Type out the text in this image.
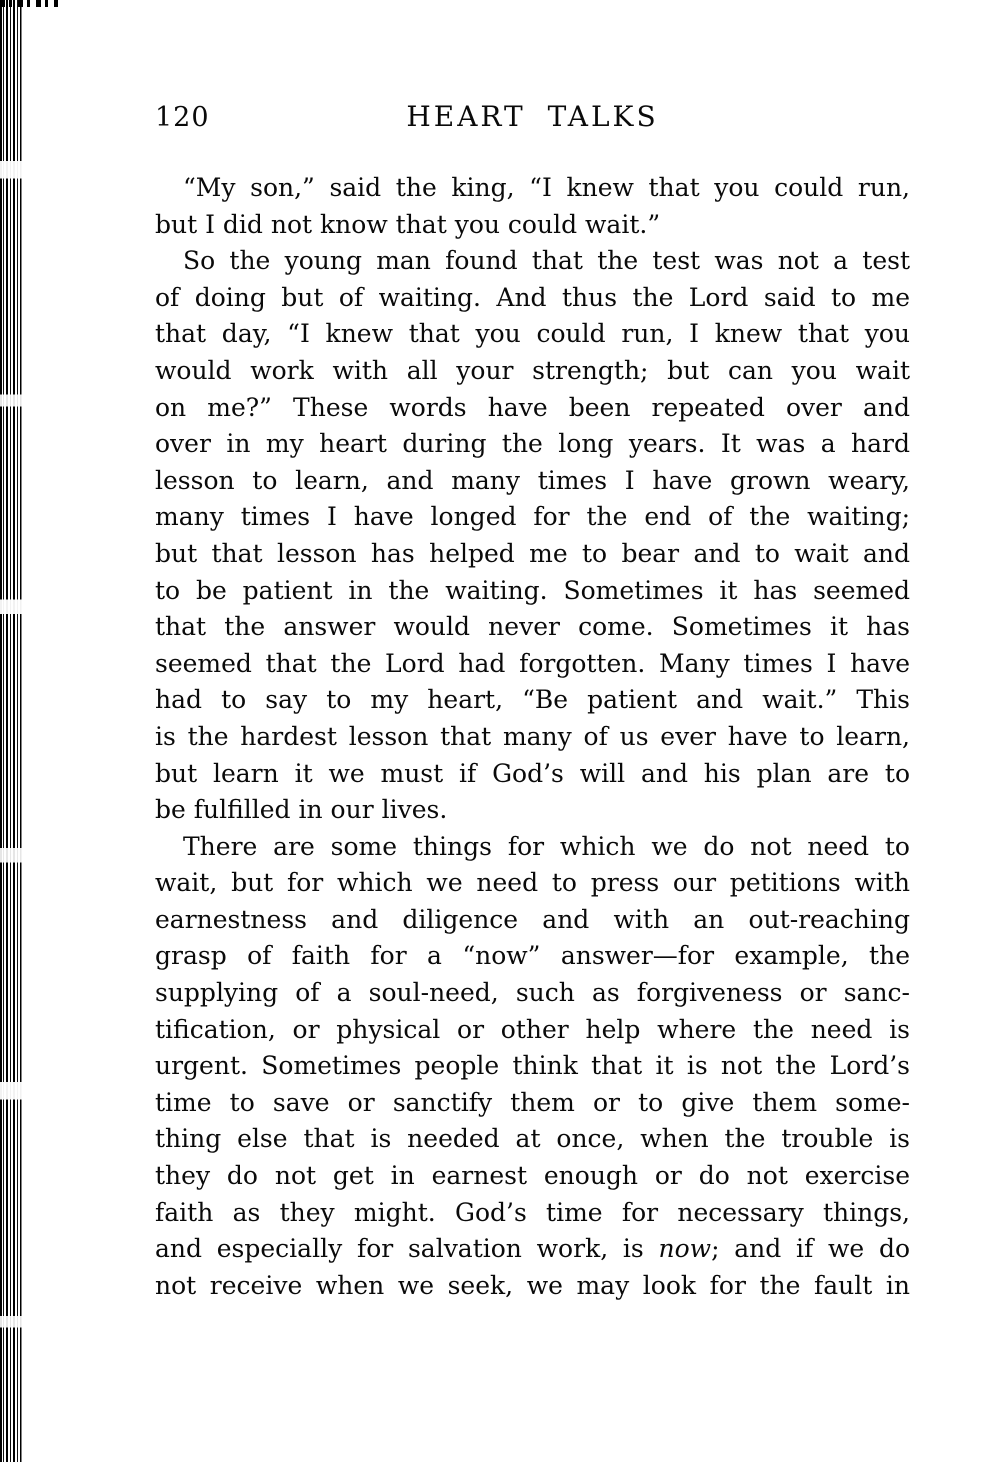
120	HEART TALKS
“My son,” said the king, “I knew that you could run,
but I did not know that you could wait.”
So the young man found that the test was not a test
of doing but of waiting. And thus the Lord said to me
that day, “I knew that you could run, I knew that you
would work with all your strength; but can you wait
on me?” These words have been repeated over and
over in my heart during the long years. It was a hard
lesson to learn, and many times I have grown weary,
many times I have longed for the end of the waiting;
but that lesson has helped me to bear and to wait and
to be patient in the waiting. Sometimes it has seemed
that the answer would never come. Sometimes it has
seemed that the Lord had forgotten. Many times I have
had to say to my heart, “Be patient and wait.” This
is the hardest lesson that many of us ever have to learn,
but learn it we must if God’s will and his plan are to
be fulfilled in our lives.
There are some things for which we do not need to
wait, but for which we need to press our petitions with
earnestness and diligence and with an out-reaching
grasp of faith for a “now” answer—for example, the
supplying of a soul-need, such as forgiveness or sanc-
tification, or physical or other help where the need is
urgent. Sometimes people think that it is not the Lord’s
time to save or sanctify them or to give them some-
thing else that is needed at once, when the trouble is
they do not get in earnest enough or do not exercise
faith as they might. God’s time for necessary things,
and especially for salvation work, is now; and if we do
not receive when we seek, we may look for the fault in
